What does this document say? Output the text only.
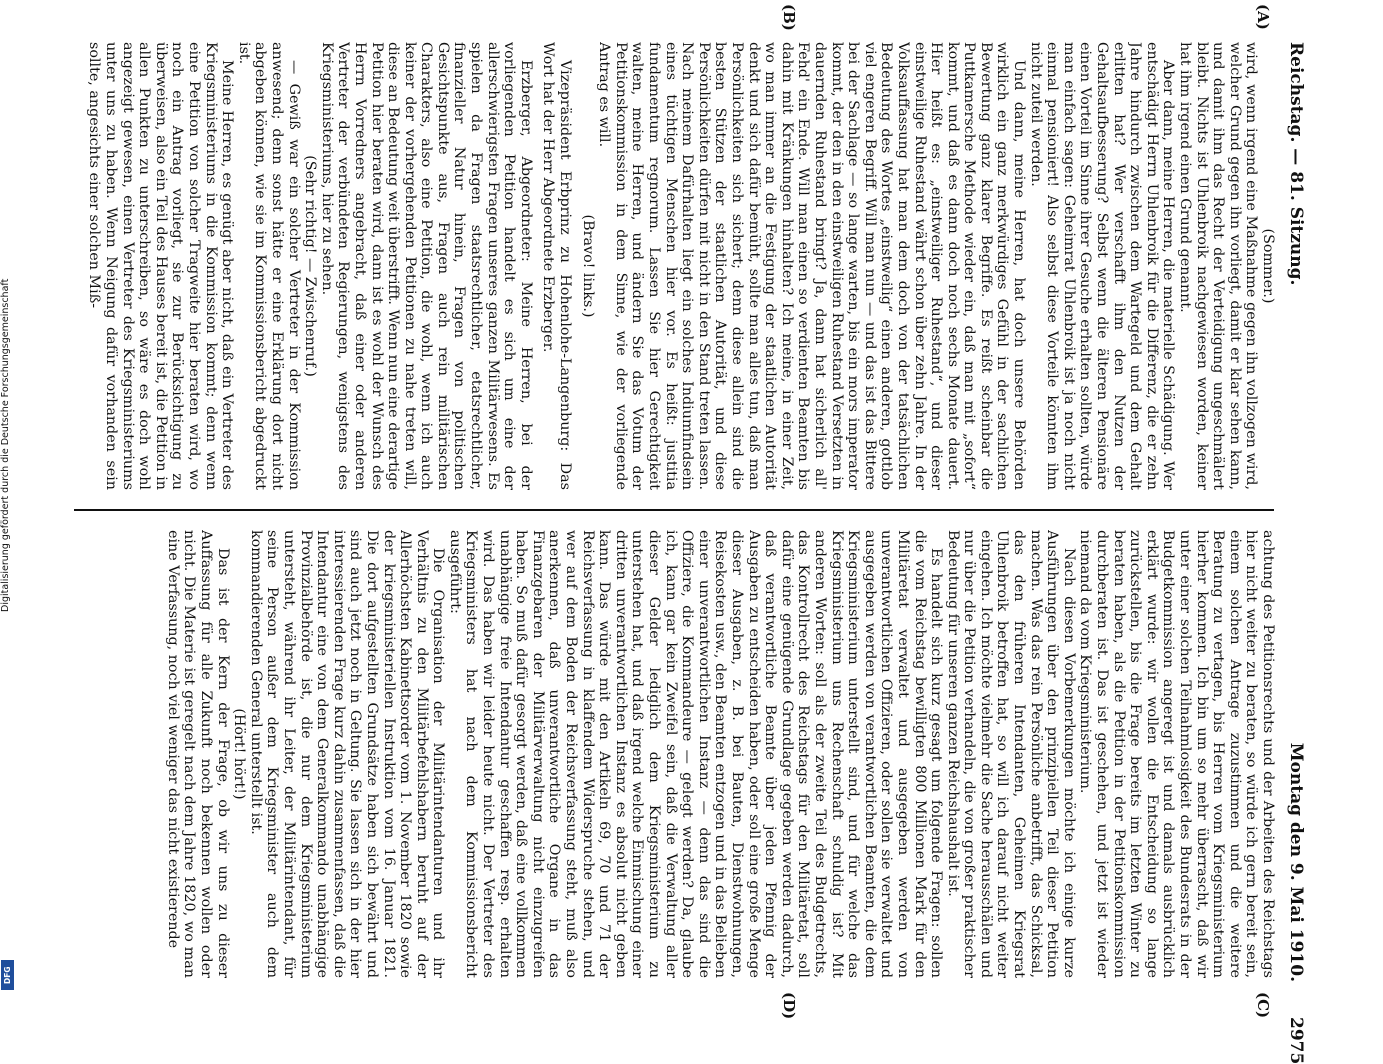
Reichstag. — 81. Sitzung.
Montag den 9. Mai 1910.
2975
(A)
(B)
(C)
(D)

(Sommer.)

wird, wenn irgend eine Maßnahme gegen ihn vollzogen wird, welcher Grund gegen ihn vorliegt, damit er klar sehen kann, und damit ihm das Recht der Verteidigung ungeschmälert bleibt. Nichts ist Uhlenbroik nachgewiesen worden, keiner hat ihm irgend einen Grund genannt.

Aber dann, meine Herren, die materielle Schädigung. Wer entschädigt Herrn Uhlenbroik für die Differenz, die er zehn Jahre hindurch zwischen dem Wartegeld und dem Gehalt erlitten hat? Wer verschafft ihm den Nutzen der Gehaltsaufbesserung? Selbst wenn die älteren Pensionäre einen Vorteil im Sinne ihrer Gesuche erhalten sollten, würde man einfach sagen: Geheimrat Uhlenbroik ist ja noch nicht einmal pensioniert! Also selbst diese Vorteile könnten ihm nicht zuteil werden.

Und dann, meine Herren, hat doch unsere Behörden wirklich ein ganz merkwürdiges Gefühl in der sachlichen Bewertung ganz klarer Begriffe. Es reißt scheinbar die Puttkamersche Methode wieder ein, daß man mit „sofort“ kommt, und daß es dann doch noch sechs Monate dauert. Hier heißt es: „einstweiliger Ruhestand“, und dieser einstweilige Ruhestand währt schon über zehn Jahre. In der Volksauffassung hat man dem doch von der tatsächlichen Bedeutung des Wortes „einstweilig“ einen anderen, gottlob viel engeren Begriff. Will man nun — und das ist das Bittere bei der Sachlage — so lange warten, bis ein mors imperator kommt, der den in den einstweiligen Ruhestand Versetzten in dauernden Ruhestand bringt? Ja, dann hat sicherlich all' Fehd' ein Ende. Will man einen so verdienten Beamten bis dahin mit Kränkungen hinhalten? Ich meine, in einer Zeit, wo man immer an die Festigung der staatlichen Autorität denkt und sich dafür bemüht, sollte man alles tun, daß man Persönlichkeiten sich sichert; denn diese allein sind die besten Stützen der staatlichen Autorität, und diese Persönlichkeiten dürfen mit nicht in den Stand treten lassen. Nach meinem Dafürhalten liegt ein solches Indiumfindsein eines tüchtigen Menschen hier vor. Es heißt: justitia fundamentum regnorum. Lassen Sie hier Gerechtigkeit walten, meine Herren, und ändern Sie das Votum der Petitionskommission in dem Sinne, wie der vorliegende Antrag es will.

(Bravo! links.)

Vizepräsident Erbprinz zu Hohenlohe-Langenburg: Das Wort hat der Herr Abgeordnete Erzberger.

Erzberger, Abgeordneter: Meine Herren, bei der vorliegenden Petition handelt es sich um eine der allerschwierigsten Fragen unseres ganzen Militärwesens. Es spielen da Fragen staatsrechtlicher, etatsrechtlicher, finanzieller Natur hinein, Fragen von politischen Gesichtspunkte aus, Fragen auch rein militärischen Charakters, also eine Petition, die wohl, wenn ich auch keiner der vorhergehenden Petitionen zu nahe treten will, diese an Bedeutung weit überstrifft. Wenn nun eine derartige Petition hier beraten wird, dann ist es wohl der Wunsch des Herrn Vorredners angebracht, daß einer oder anderen Vertreter der verbündeten Regierungen, wenigstens des Kriegsministeriums, hier zu sehen.

(Sehr richtig! — Zwischenruf.)

— Gewiß war ein solcher Vertreter in der Kommission anwesend; denn sonst hätte er eine Erklärung dort nicht abgeben können, wie sie im Kommissionsbericht abgedruckt ist.

Meine Herren, es genügt aber nicht, daß ein Vertreter des Kriegsministeriums in die Kommission kommt; denn wenn eine Petition von solcher Tragweite hier beraten wird, wo noch ein Antrag vorliegt, sie zur Berücksichtigung zu überweisen, also ein Teil des Hauses bereit ist, die Petition in allen Punkten zu unterschreiben, so wäre es doch wohl angezeigt gewesen, einen Vertreter des Kriegsministeriums unter uns zu haben. Wenn Neigung dafür vorhanden sein sollte, angesichts einer solchen Miß-

achtung des Petitionsrechts und der Arbeiten des Reichstags hier nicht weiter zu beraten, so würde ich gern bereit sein, einem solchen Antrage zuzustimmen und die weitere Beratung zu vertagen, bis Herren vom Kriegsministerium hierher kommen. Ich bin um so mehr überrascht, daß wir unter einer solchen Teilnahmlosigkeit des Bundesrats in der Budgetkommission angeregt ist und damals ausbrücklich erklärt wurde: wir wollen die Entscheidung so lange zurückstellen, bis die Frage bereits im letzten Winter zu beraten haben, als die Petition in der Petitionskommission durchberaten ist. Das ist geschehen, und jetzt ist wieder niemand da vom Kriegsministerium.

Nach diesen Vorbemerkungen möchte ich einige kurze Ausführungen über den prinzipiellen Teil dieser Petition machen. Was das rein Persönliche anbetrifft, das Schicksal, das den früheren Intendanten, Geheimen Kriegsrat Uhlenbroik betroffen hat, so will ich darauf nicht weiter eingehen. Ich möchte vielmehr die Sache herausschälen und nur über die Petition verhandeln, die von großer praktischer Bedeutung für unseren ganzen Reichshaushalt ist.

Es handelt sich kurz gesagt um folgende Fragen: sollen die vom Reichstag bewilligten 800 Millionen Mark für den Militäretat verwaltet und ausgegeben werden von unverantwortlichen Offizieren, oder sollen sie verwaltet und ausgegeben werden von verantwortlichen Beamten, die dem Kriegsministerium unterstellt sind, und für welche das Kriegsministerium uns Rechenschaft schuldig ist? Mit anderen Worten: soll als der zweite Teil des Budgetrechts, das Kontrollrecht des Reichstags für den Militäretat, soll dafür eine genügende Grundlage gegeben werden dadurch, daß verantwortliche Beamte über jeden Pfennig der Ausgaben zu entscheiden haben, oder soll eine große Menge dieser Ausgaben, z. B. bei Bauten, Dienstwohnungen, Reisekosten usw., den Beamten entzogen und in das Belieben einer unverantwortlichen Instanz — denn das sind die Offiziere, die Kommandeure — gelegt werden? Da, glaube ich, kann gar kein Zweifel sein, daß die Verwaltung aller dieser Gelder lediglich dem Kriegsministerium zu unterstehen hat, und daß irgend welche Einmischung einer dritten unverantwortlichen Instanz es absolut nicht geben kann. Das würde mit den Artikeln 69, 70 und 71 der Reichsverfassung in klaffendem Widerspruche stehen, und wer auf dem Boden der Reichsverfassung steht, muß also anerkennen, daß unverantwortliche Organe in das Finanzgebaren der Militärverwaltung nicht einzugreifen haben. So muß dafür gesorgt werden, daß eine vollkommen unabhängige freie Intendantur geschaffen resp. erhalten wird. Das haben wir leider heute nicht. Der Vertreter des Kriegsministers hat nach dem Kommissionsbericht ausgeführt:

Die Organisation der Militärintendanturen und ihr Verhältnis zu den Militärbefehlshabern beruht auf der Allerhöchsten Kabinettsorder vom 1. November 1820 sowie der kriegsministeriellen Instruktion vom 16. Januar 1821. Die dort aufgestellten Grundsätze haben sich bewährt und sind auch jetzt noch in Geltung. Sie lassen sich in der hier interessierenden Frage kurz dahin zusammenfassen, daß die Intendantur eine von dem Generalkommando unabhängige Provinzialbehörde ist, die nur dem Kriegsministerium untersteht, während ihr Leiter, der Militärintendant, für seine Person außer dem Kriegsminister auch dem kommandierenden General unterstellt ist.

(Hört! hört!)

Das ist der Kern der Frage, ob wir uns zu dieser Auffassung für alle Zukunft noch bekennen wollen oder nicht. Die Materie ist geregelt nach dem Jahre 1820, wo man eine Verfassung, noch viel weniger das nicht existierende

Digitalisierung gefördert durch die Deutsche Forschungsgemeinschaft
DFG
